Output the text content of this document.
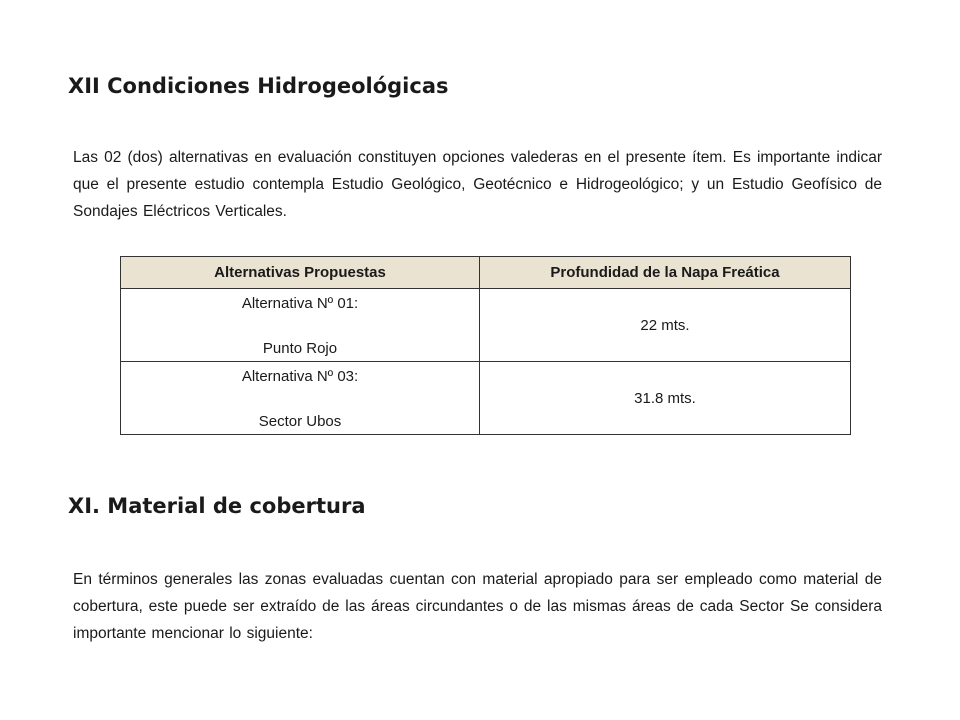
XII Condiciones Hidrogeológicas

Las 02 (dos) alternativas en evaluación constituyen opciones valederas en el presente ítem. Es importante indicar que el presente estudio contempla Estudio Geológico, Geotécnico e Hidrogeológico; y un Estudio Geofísico de Sondajes Eléctricos Verticales.

Alternativas Propuestas	Profundidad de la Napa Freática

Alternativa Nº 01:
Punto Rojo	22 mts.

Alternativa Nº 03:
Sector Ubos	31.8 mts.
XI. Material de cobertura

En términos generales las zonas evaluadas cuentan con material apropiado para ser empleado como material de cobertura, este puede ser extraído de las áreas circundantes o de las mismas áreas de cada Sector Se considera importante mencionar lo siguiente:
